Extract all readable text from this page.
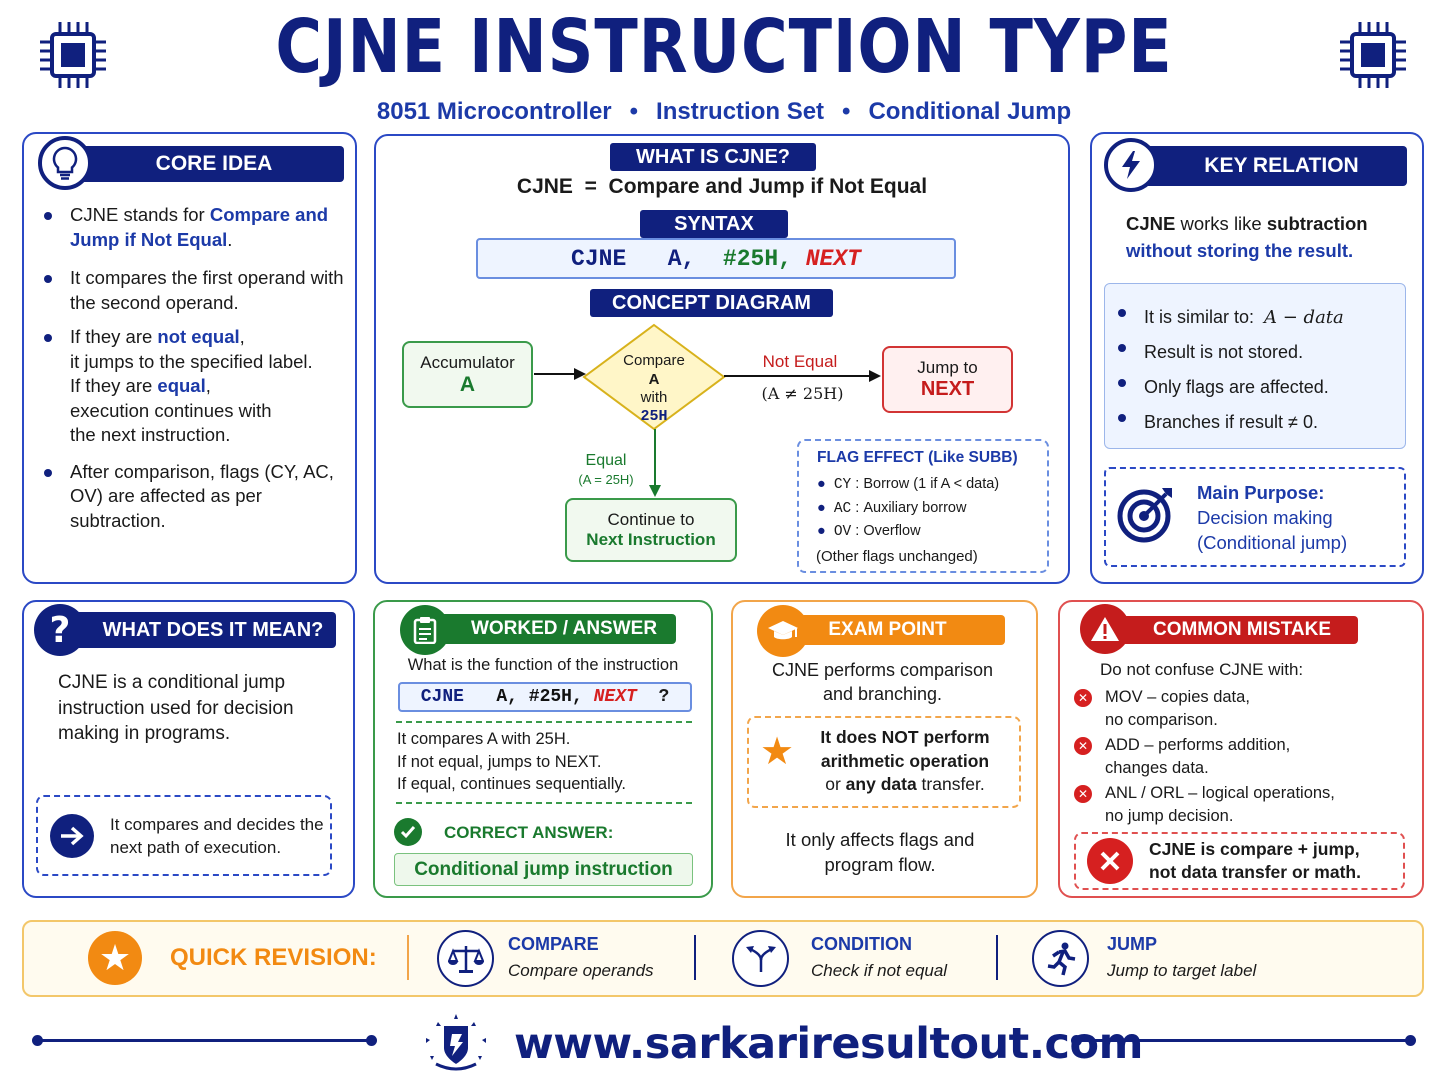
CJNE INSTRUCTION TYPE
8051 Microcontroller • Instruction Set • Conditional Jump
CORE IDEA
CJNE stands for Compare and Jump if Not Equal.
It compares the first operand with the second operand.
If they are not equal,
it jumps to the specified label.
If they are equal,
execution continues with
the next instruction.
After comparison, flags (CY, AC, OV) are affected as per subtraction.
WHAT IS CJNE?
CJNE = Compare and Jump if Not Equal
SYNTAX
CJNE
A,
#25H,
NEXT
CONCEPT DIAGRAM
Accumulator
A
Compare
A
with
25H
Not Equal
(A ≠ 25H)
Jump to
NEXT
Equal
(A = 25H)
Continue to
Next Instruction
FLAG EFFECT (Like SUBB)
● CY : Borrow (1 if A < data)
● AC : Auxiliary borrow
● OV : Overflow
(Other flags unchanged)
KEY RELATION
CJNE works like subtraction
without storing the result.
It is similar to:  A − data
Result is not stored.
Only flags are affected.
Branches if result ≠ 0.
Main Purpose:
Decision making
(Conditional jump)
WHAT DOES IT MEAN?
?
CJNE is a conditional jump instruction used for decision making in programs.
It compares and decides the next path of execution.
WORKED / ANSWER
What is the function of the instruction
CJNE
A,
#25H,
NEXT
?
It compares A with 25H.
If not equal, jumps to NEXT.
If equal, continues sequentially.
CORRECT ANSWER:
Conditional jump instruction
EXAM POINT
CJNE performs comparison and branching.
★	It does NOT perform
arithmetic operation
or any data transfer.
It only affects flags and program flow.
COMMON MISTAKE
Do not confuse CJNE with:
✕ MOV – copies data,
no comparison.
✕ ADD – performs addition,
changes data.
✕ ANL / ORL – logical operations,
no jump decision.
CJNE is compare + jump,
not data transfer or math.
★ QUICK REVISION:	COMPARE
Compare operands
CONDITION
Check if not equal
JUMP
Jump to target label
www.sarkariresultout.com
